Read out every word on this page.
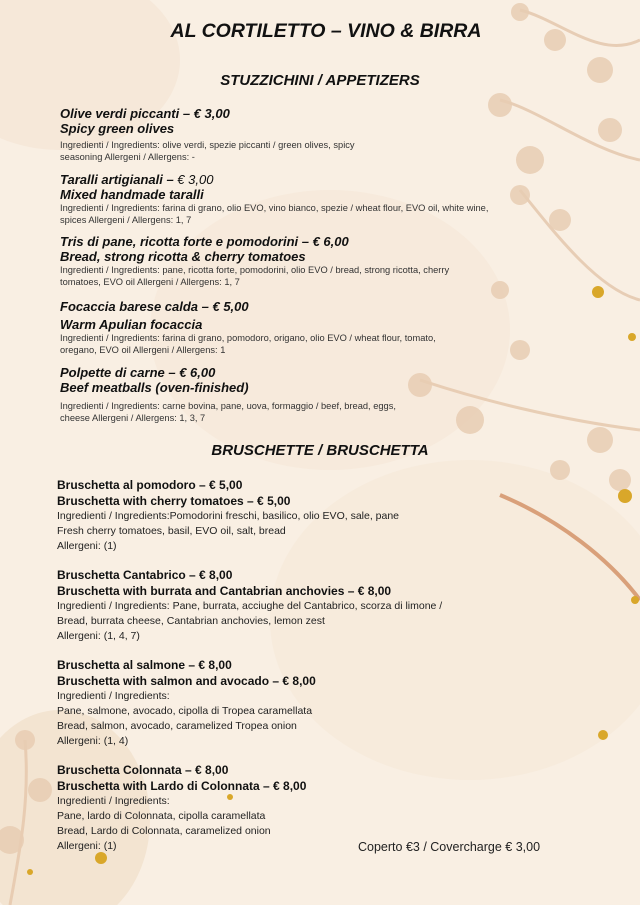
AL CORTILETTO – VINO & BIRRA
STUZZICHINI / APPETIZERS
Olive verdi piccanti – € 3,00
Spicy green olives
Ingredienti / Ingredients: olive verdi, spezie piccanti / green olives, spicy seasoning Allergeni / Allergens: -
Taralli artigianali – € 3,00
Mixed handmade taralli
Ingredienti / Ingredients: farina di grano, olio EVO, vino bianco, spezie / wheat flour, EVO oil, white wine, spices Allergeni / Allergens: 1, 7
Tris di pane, ricotta forte e pomodorini – € 6,00
Bread, strong ricotta & cherry tomatoes
Ingredienti / Ingredients: pane, ricotta forte, pomodorini, olio EVO / bread, strong ricotta, cherry tomatoes, EVO oil Allergeni / Allergens: 1, 7
Focaccia barese calda – € 5,00
Warm Apulian focaccia
Ingredienti / Ingredients: farina di grano, pomodoro, origano, olio EVO / wheat flour, tomato, oregano, EVO oil Allergeni / Allergens: 1
Polpette di carne – € 6,00
Beef meatballs (oven-finished)
Ingredienti / Ingredients: carne bovina, pane, uova, formaggio / beef, bread, eggs, cheese Allergeni / Allergens: 1, 3, 7
BRUSCHETTE / BRUSCHETTA
Bruschetta al pomodoro – € 5,00
Bruschetta with cherry tomatoes – € 5,00
Ingredienti / Ingredients:Pomodorini freschi, basilico, olio EVO, sale, pane
Fresh cherry tomatoes, basil, EVO oil, salt, bread
Allergeni: (1)
Bruschetta Cantabrico – € 8,00
Bruschetta with burrata and Cantabrian anchovies – € 8,00
Ingredienti / Ingredients: Pane, burrata, acciughe del Cantabrico, scorza di limone /
Bread, burrata cheese, Cantabrian anchovies, lemon zest
Allergeni: (1, 4, 7)
Bruschetta al salmone – € 8,00
Bruschetta with salmon and avocado – € 8,00
Ingredienti / Ingredients:
Pane, salmone, avocado, cipolla di Tropea caramellata
Bread, salmon, avocado, caramelized Tropea onion
Allergeni: (1, 4)
Bruschetta Colonnata – € 8,00
Bruschetta with Lardo di Colonnata – € 8,00
Ingredienti / Ingredients:
Pane, lardo di Colonnata, cipolla caramellata
Bread, Lardo di Colonnata, caramelized onion
Allergeni: (1)	Coperto €3 / Covercharge € 3,00
